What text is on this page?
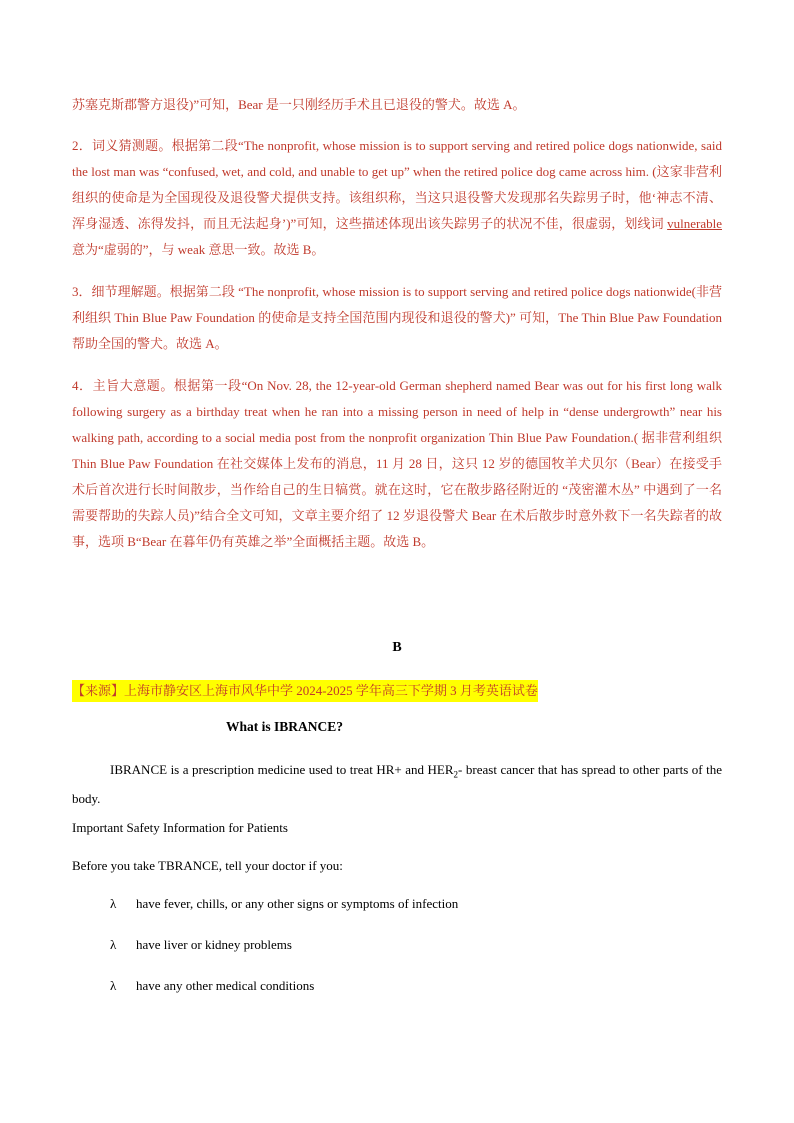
苏塞克斯郡警方退役)”可知，Bear 是一只刚经历手术且已退役的警犬。故选 A。

2．词义猜测题。根据第二段“The nonprofit, whose mission is to support serving and retired police dogs nationwide, said the lost man was “confused, wet, and cold, and unable to get up” when the retired police dog came across him. (这家非营利组织的使命是为全国现役及退役警犬提供支持。该组织称，当这只退役警犬发现那名失踪男子时，他‘神志不清、浑身湿透、冻得发抖，而且无法起身’)”可知，这些描述体现出该失踪男子的状况不佳，很虚弱，划线词 vulnerable 意为“虚弱的”，与 weak 意思一致。故选 B。

3．细节理解题。根据第二段 “The nonprofit, whose mission is to support serving and retired police dogs nationwide(非营利组织 Thin Blue Paw Foundation 的使命是支持全国范围内现役和退役的警犬)” 可知，The Thin Blue Paw Foundation 帮助全国的警犬。故选 A。

4．主旨大意题。根据第一段“On Nov. 28, the 12-year-old German shepherd named Bear was out for his first long walk following surgery as a birthday treat when he ran into a missing person in need of help in “dense undergrowth” near his walking path, according to a social media post from the nonprofit organization Thin Blue Paw Foundation.( 据非营利组织 Thin Blue Paw Foundation 在社交媒体上发布的消息，11 月 28 日，这只 12 岁的德国牧羊犬贝尔（Bear）在接受手术后首次进行长时间散步，当作给自己的生日犒赏。就在这时，它在散步路径附近的 “茂密灌木丛” 中遇到了一名需要帮助的失踪人员)”结合全文可知，文章主要介绍了 12 岁退役警犬 Bear 在术后散步时意外救下一名失踪者的故事，选项 B“Bear 在暮年仍有英雄之举”全面概括主题。故选 B。

B
【来源】上海市静安区上海市风华中学 2024-2025 学年高三下学期 3 月考英语试卷
What is IBRANCE?

IBRANCE is a prescription medicine used to treat HR+ and $HER_2-$ breast cancer that has spread to other parts of the body.

Important Safety Information for Patients
Before you take TBRANCE, tell your doctor if you:
λ have fever, chills, or any other signs or symptoms of infection
λ have liver or kidney problems
λ have any other medical conditions
